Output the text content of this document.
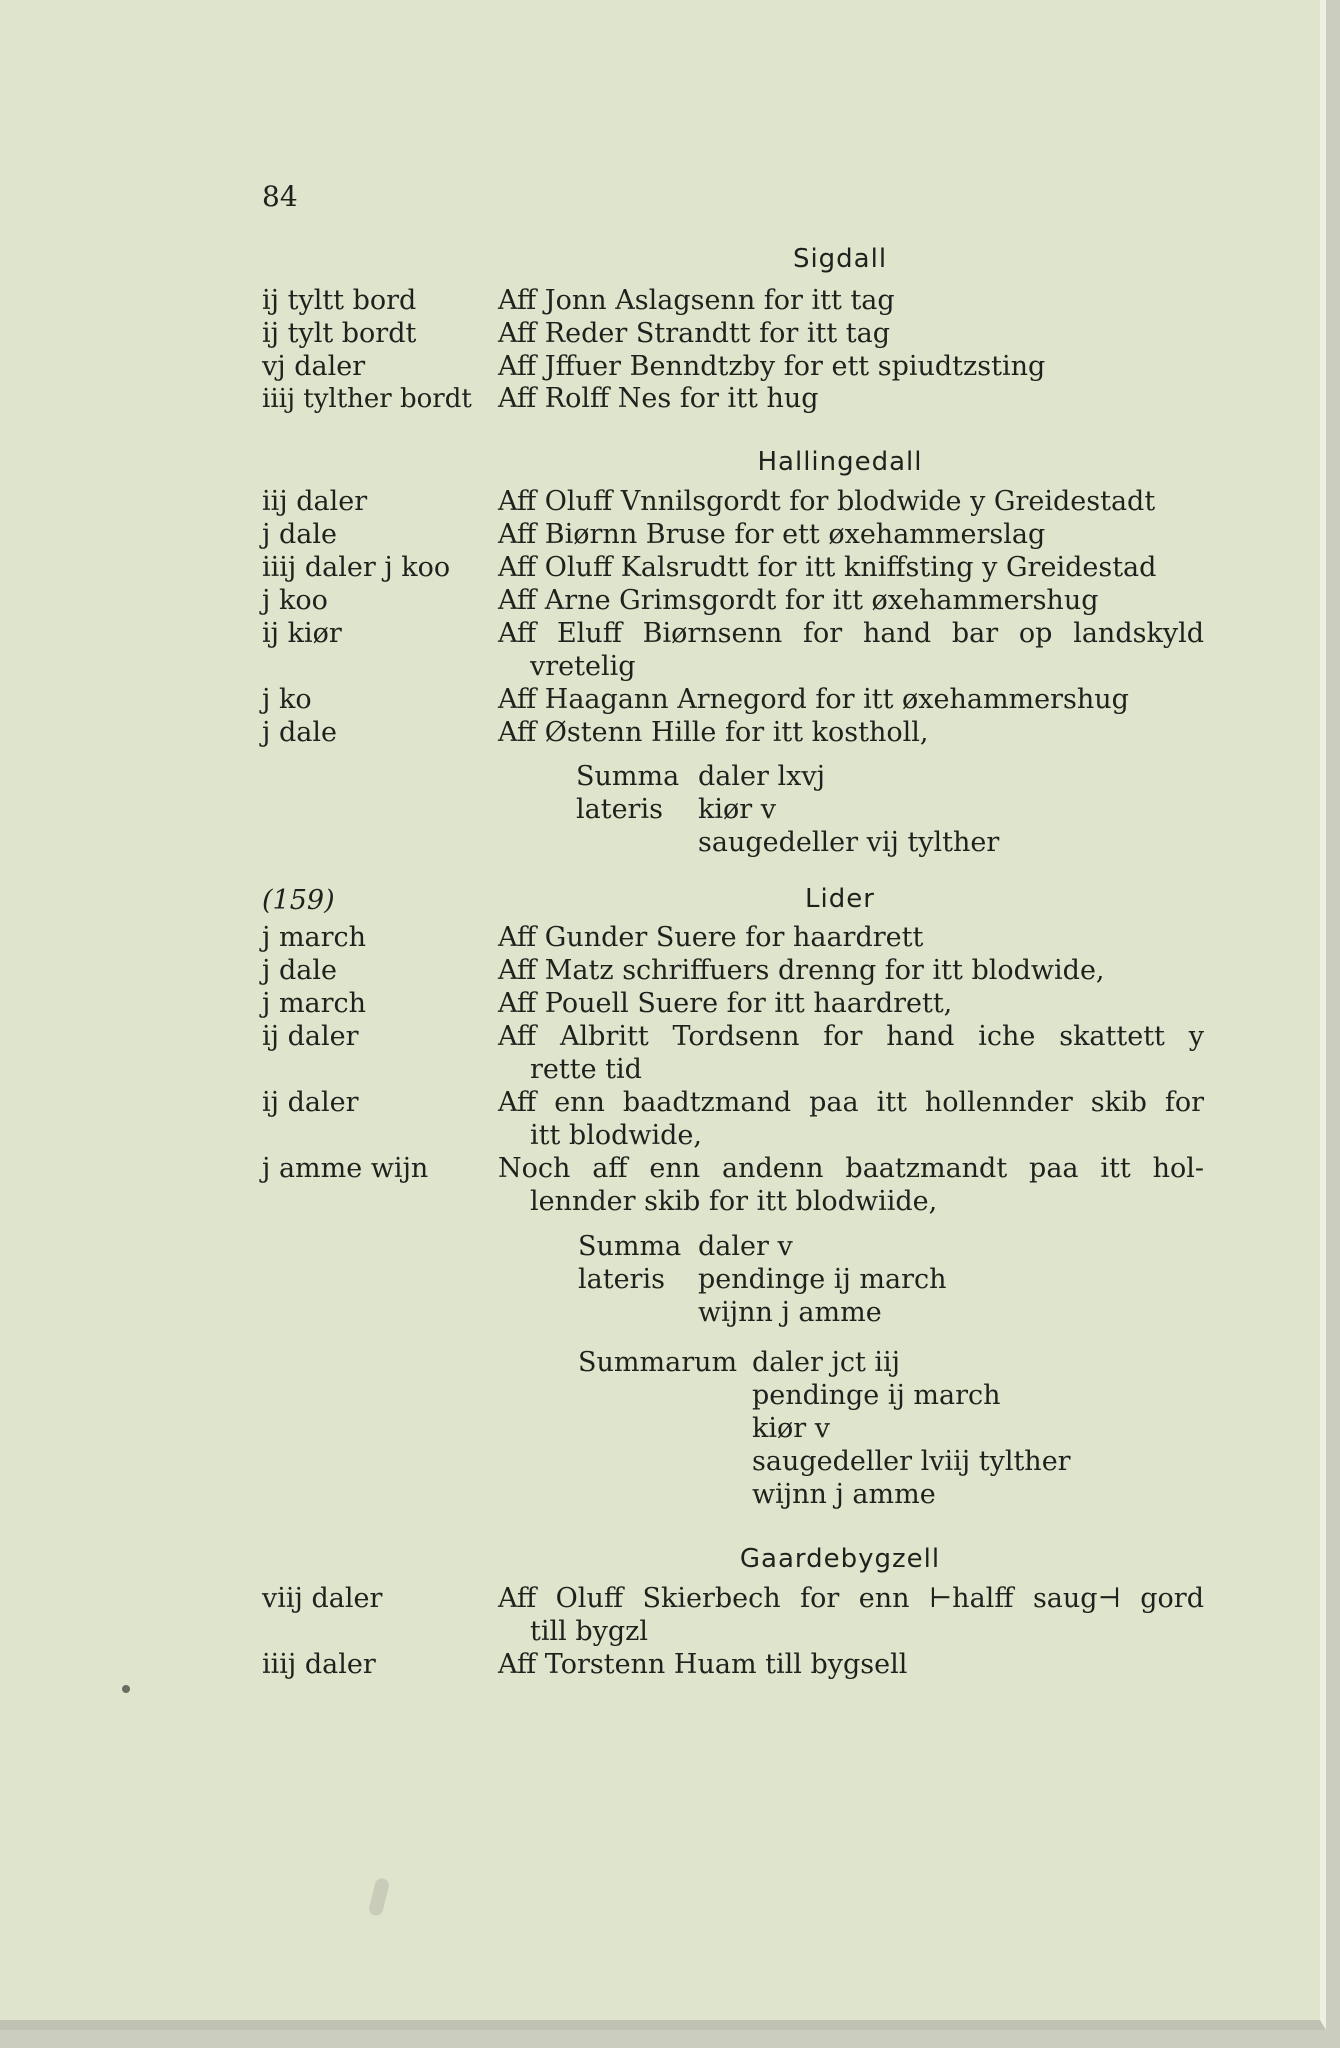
84
Sigdall
ij tyltt bord	Aff Jonn Aslagsenn for itt tag
ij tylt bordt	Aff Reder Strandtt for itt tag
vj daler	Aff Jffuer Benndtzby for ett spiudtzsting
iiij tylther bordt Aff Rolff Nes for itt hug
Hallingedall
iij daler	Aff Oluff Vnnilsgordt for blodwide y Greidestadt
j dale	Aff Biørnn Bruse for ett øxehammerslag
iiij daler j koo Aff Oluff Kalsrudtt for itt kniffsting y Greidestad
j koo	Aff Arne Grimsgordt for itt øxehammershug
ij kiør	Aff Eluff Biørnsenn for hand bar op landskyld
vretelig
j ko	Aff Haagann Arnegord for itt øxehammershug
j dale	Aff Østenn Hille for itt kostholl,
Summa daler lxvj
lateris kiør v
saugedeller vij tylther
(159)	Lider
j march	Aff Gunder Suere for haardrett
j dale	Aff Matz schriffuers drenng for itt blodwide,
j march	Aff Pouell Suere for itt haardrett,
ij daler	Aff Albritt Tordsenn for hand iche skattett y
rette tid
ij daler	Aff enn baadtzmand paa itt hollennder skib for
itt blodwide,
j amme wijn	Noch aff enn andenn baatzmandt paa itt hol-
lennder skib for itt blodwiide,
Summa daler v
lateris pendinge ij march
wijnn j amme
Summarum daler jct iij
pendinge ij march
kiør v
saugedeller lviij tylther
wijnn j amme
Gaardebygzell
viij daler	Aff Oluff Skierbech for enn ⊢halff saug⊣ gord
till bygzl
iiij daler	Aff Torstenn Huam till bygsell
